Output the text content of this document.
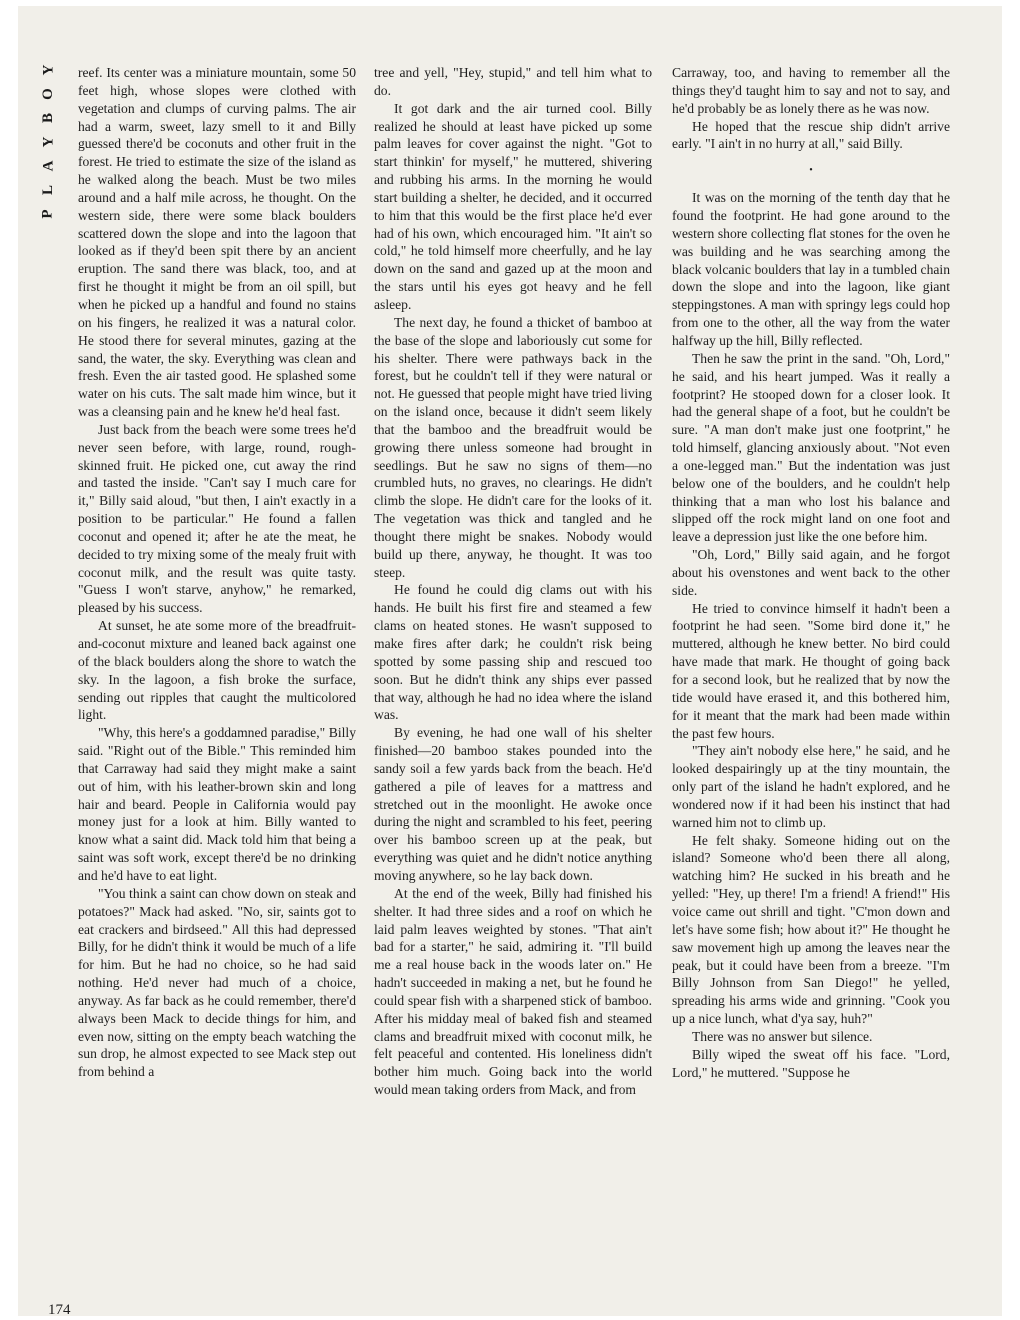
Y
O
B
Y
A
L
P

reef. Its center was a miniature mountain, some 50 feet high, whose slopes were clothed with vegetation and clumps of curving palms. The air had a warm, sweet, lazy smell to it and Billy guessed there'd be coconuts and other fruit in the forest. He tried to estimate the size of the island as he walked along the beach. Must be two miles around and a half mile across, he thought. On the western side, there were some black boulders scattered down the slope and into the lagoon that looked as if they'd been spit there by an ancient eruption. The sand there was black, too, and at first he thought it might be from an oil spill, but when he picked up a handful and found no stains on his fingers, he realized it was a natural color. He stood there for several minutes, gazing at the sand, the water, the sky. Everything was clean and fresh. Even the air tasted good. He splashed some water on his cuts. The salt made him wince, but it was a cleansing pain and he knew he'd heal fast.

Just back from the beach were some trees he'd never seen before, with large, round, rough-skinned fruit. He picked one, cut away the rind and tasted the inside. "Can't say I much care for it," Billy said aloud, "but then, I ain't exactly in a position to be particular." He found a fallen coconut and opened it; after he ate the meat, he decided to try mixing some of the mealy fruit with coconut milk, and the result was quite tasty. "Guess I won't starve, anyhow," he remarked, pleased by his success.

At sunset, he ate some more of the breadfruit-and-coconut mixture and leaned back against one of the black boulders along the shore to watch the sky. In the lagoon, a fish broke the surface, sending out ripples that caught the multicolored light.

"Why, this here's a goddamned paradise," Billy said. "Right out of the Bible." This reminded him that Carraway had said they might make a saint out of him, with his leather-brown skin and long hair and beard. People in California would pay money just for a look at him. Billy wanted to know what a saint did. Mack told him that being a saint was soft work, except there'd be no drinking and he'd have to eat light.

"You think a saint can chow down on steak and potatoes?" Mack had asked. "No, sir, saints got to eat crackers and birdseed." All this had depressed Billy, for he didn't think it would be much of a life for him. But he had no choice, so he had said nothing. He'd never had much of a choice, anyway. As far back as he could remember, there'd always been Mack to decide things for him, and even now, sitting on the empty beach watching the sun drop, he almost expected to see Mack step out from behind a

tree and yell, "Hey, stupid," and tell him what to do.

It got dark and the air turned cool. Billy realized he should at least have picked up some palm leaves for cover against the night. "Got to start thinkin' for myself," he muttered, shivering and rubbing his arms. In the morning he would start building a shelter, he decided, and it occurred to him that this would be the first place he'd ever had of his own, which encouraged him. "It ain't so cold," he told himself more cheerfully, and he lay down on the sand and gazed up at the moon and the stars until his eyes got heavy and he fell asleep.

The next day, he found a thicket of bamboo at the base of the slope and laboriously cut some for his shelter. There were pathways back in the forest, but he couldn't tell if they were natural or not. He guessed that people might have tried living on the island once, because it didn't seem likely that the bamboo and the breadfruit would be growing there unless someone had brought in seedlings. But he saw no signs of them—no crumbled huts, no graves, no clearings. He didn't climb the slope. He didn't care for the looks of it. The vegetation was thick and tangled and he thought there might be snakes. Nobody would build up there, anyway, he thought. It was too steep.

He found he could dig clams out with his hands. He built his first fire and steamed a few clams on heated stones. He wasn't supposed to make fires after dark; he couldn't risk being spotted by some passing ship and rescued too soon. But he didn't think any ships ever passed that way, although he had no idea where the island was.

By evening, he had one wall of his shelter finished—20 bamboo stakes pounded into the sandy soil a few yards back from the beach. He'd gathered a pile of leaves for a mattress and stretched out in the moonlight. He awoke once during the night and scrambled to his feet, peering over his bamboo screen up at the peak, but everything was quiet and he didn't notice anything moving anywhere, so he lay back down.

At the end of the week, Billy had finished his shelter. It had three sides and a roof on which he laid palm leaves weighted by stones. "That ain't bad for a starter," he said, admiring it. "I'll build me a real house back in the woods later on." He hadn't succeeded in making a net, but he found he could spear fish with a sharpened stick of bamboo. After his midday meal of baked fish and steamed clams and breadfruit mixed with coconut milk, he felt peaceful and contented. His loneliness didn't bother him much. Going back into the world would mean taking orders from Mack, and from

Carraway, too, and having to remember all the things they'd taught him to say and not to say, and he'd probably be as lonely there as he was now.

He hoped that the rescue ship didn't arrive early. "I ain't in no hurry at all," said Billy.

•

It was on the morning of the tenth day that he found the footprint. He had gone around to the western shore collecting flat stones for the oven he was building and he was searching among the black volcanic boulders that lay in a tumbled chain down the slope and into the lagoon, like giant steppingstones. A man with springy legs could hop from one to the other, all the way from the water halfway up the hill, Billy reflected.

Then he saw the print in the sand. "Oh, Lord," he said, and his heart jumped. Was it really a footprint? He stooped down for a closer look. It had the general shape of a foot, but he couldn't be sure. "A man don't make just one footprint," he told himself, glancing anxiously about. "Not even a one-legged man." But the indentation was just below one of the boulders, and he couldn't help thinking that a man who lost his balance and slipped off the rock might land on one foot and leave a depression just like the one before him.

"Oh, Lord," Billy said again, and he forgot about his ovenstones and went back to the other side.

He tried to convince himself it hadn't been a footprint he had seen. "Some bird done it," he muttered, although he knew better. No bird could have made that mark. He thought of going back for a second look, but he realized that by now the tide would have erased it, and this bothered him, for it meant that the mark had been made within the past few hours.

"They ain't nobody else here," he said, and he looked despairingly up at the tiny mountain, the only part of the island he hadn't explored, and he wondered now if it had been his instinct that had warned him not to climb up.

He felt shaky. Someone hiding out on the island? Someone who'd been there all along, watching him? He sucked in his breath and he yelled: "Hey, up there! I'm a friend! A friend!" His voice came out shrill and tight. "C'mon down and let's have some fish; how about it?" He thought he saw movement high up among the leaves near the peak, but it could have been from a breeze. "I'm Billy Johnson from San Diego!" he yelled, spreading his arms wide and grinning. "Cook you up a nice lunch, what d'ya say, huh?"

There was no answer but silence.

Billy wiped the sweat off his face. "Lord, Lord," he muttered. "Suppose he

174
